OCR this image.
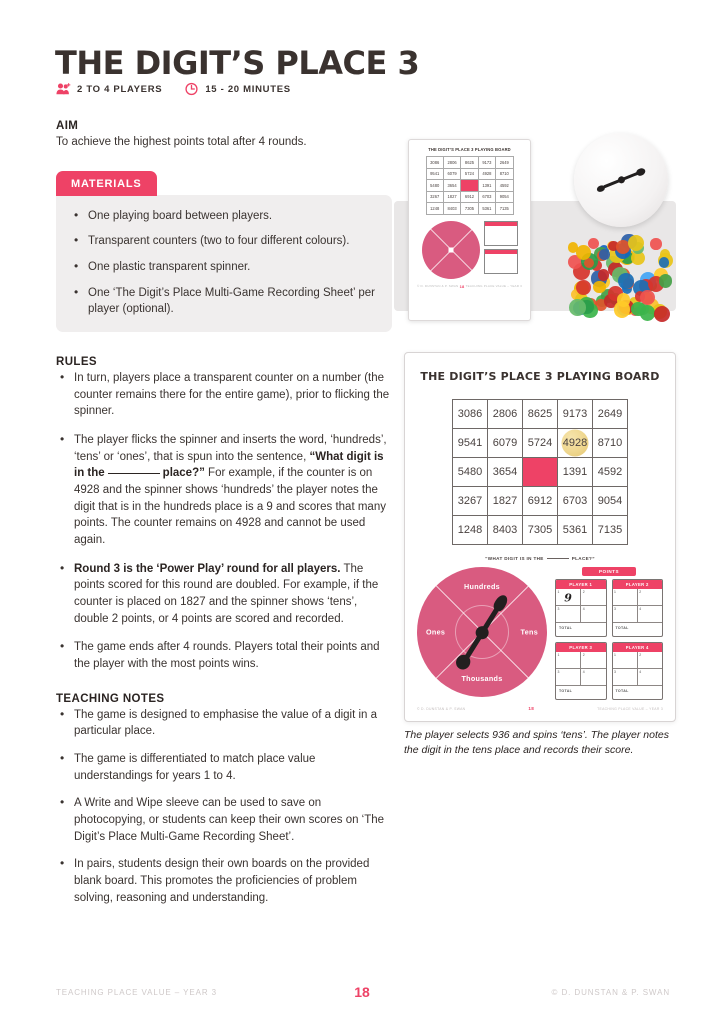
THE DIGIT’S PLACE 3
2 TO 4 PLAYERS	15 - 20 MINUTES
AIM
To achieve the highest points total after 4 rounds.
MATERIALS
• One playing board between players.
• Transparent counters (two to four different colours).
• One plastic transparent spinner.
• One ‘The Digit’s Place Multi-Game Recording Sheet’ per player (optional).
RULES
• In turn, players place a transparent counter on a number (the counter remains there for the entire game), prior to flicking the spinner.
• The player flicks the spinner and inserts the word, ‘hundreds’, ‘tens’ or ‘ones’, that is spun into the sentence, “What digit is in the	place?” For example, if the counter is on 4928 and the spinner shows ‘hundreds’ the player notes the digit that is in the hundreds place is a 9 and scores that many points. The counter remains on 4928 and cannot be used again.
• Round 3 is the ‘Power Play’ round for all players. The points scored for this round are doubled. For example, if the counter is placed on 1827 and the spinner shows ‘tens’, double 2 points, or 4 points are scored and recorded.
• The game ends after 4 rounds. Players total their points and the player with the most points wins.
TEACHING NOTES
• The game is designed to emphasise the value of a digit in a particular place.
• The game is differentiated to match place value understandings for years 1 to 4.
• A Write and Wipe sleeve can be used to save on photocopying, or students can keep their own scores on ‘The Digit’s Place Multi-Game Recording Sheet’.
• In pairs, students design their own boards on the provided blank board. This promotes the proficiencies of problem solving, reasoning and understanding.
THE DIGIT’S PLACE 3 PLAYING BOARD
3086	2806	8625	9173	2649
9541	6079	5724	4928	8710
5480	3654		1391	4592
3267	1827	6912	6703	9054
1248	8403	7305	5361	7135
© D. DUNSTAN & P. SWAN 18 TEACHING PLACE VALUE – YEAR 3
THE DIGIT’S PLACE 3 PLAYING BOARD
3086	2806	8625	9173	2649
9541	6079	5724	4928	8710
5480	3654		1391	4592
3267	1827	6912	6703	9054
1248	8403	7305	5361	7135
“WHAT DIGIT IS IN THE	PLACE?”
Hundreds
Tens
Thousands
Ones
POINTS
PLAYER 1
1 9	2
3	4
TOTAL
PLAYER 2
1	2
3	4
TOTAL
PLAYER 3
1	2
3	4
TOTAL
PLAYER 4
1	2
3	4
TOTAL
© D. DUNSTAN & P. SWAN	18	TEACHING PLACE VALUE – YEAR 3
The player selects 936 and spins ‘tens’. The player notes the digit in the tens place and records their score.
TEACHING PLACE VALUE – YEAR 3	18	© D. DUNSTAN & P. SWAN
